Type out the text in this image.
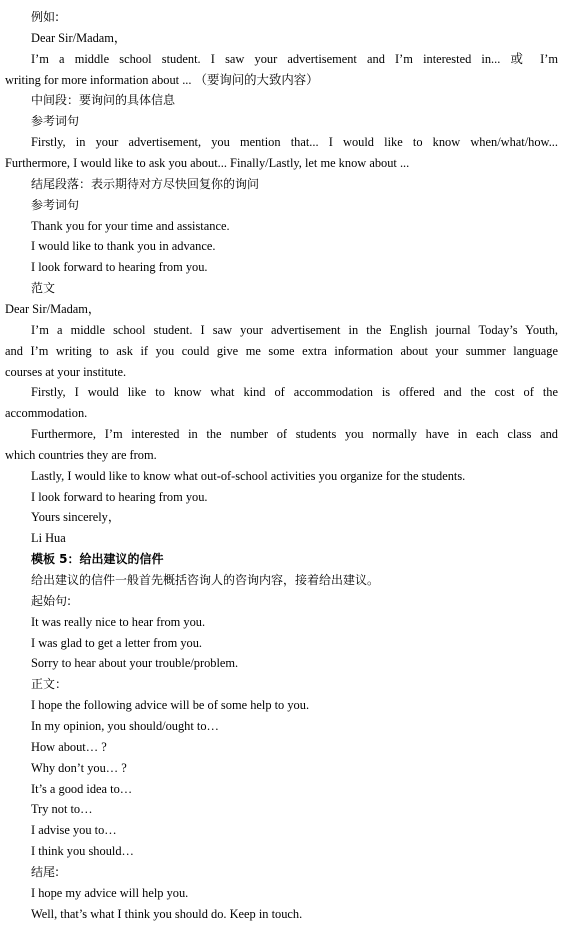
例如:
Dear Sir/Madam，
I’m a middle school student. I saw your advertisement and I’m interested in... 或 I’m
writing for more information about ... （要询问的大致内容）
中间段：要询问的具体信息
参考词句
Firstly, in your advertisement, you mention that... I would like to know when/what/how...
Furthermore, I would like to ask you about... Finally/Lastly, let me know about ...
结尾段落：表示期待对方尽快回复你的询问
参考词句
Thank you for your time and assistance.
I would like to thank you in advance.
I look forward to hearing from you.
范文
Dear Sir/Madam，
I’m a middle school student. I saw your advertisement in the English journal Today’s Youth,
and I’m writing to ask if you could give me some extra information about your summer language
courses at your institute.
Firstly, I would like to know what kind of accommodation is offered and the cost of the
accommodation.
Furthermore, I’m interested in the number of students you normally have in each class and
which countries they are from.
Lastly, I would like to know what out-of-school activities you organize for the students.
I look forward to hearing from you.
Yours sincerely，
Li Hua
模板 5：给出建议的信件
给出建议的信件一般首先概括咨询人的咨询内容，接着给出建议。
起始句:
It was really nice to hear from you.
I was glad to get a letter from you.
Sorry to hear about your trouble/problem.
正文：
I hope the following advice will be of some help to you.
In my opinion, you should/ought to…
How about… ?
Why don’t you… ?
It’s a good idea to…
Try not to…
I advise you to…
I think you should…
结尾:
I hope my advice will help you.
Well, that’s what I think you should do. Keep in touch.
